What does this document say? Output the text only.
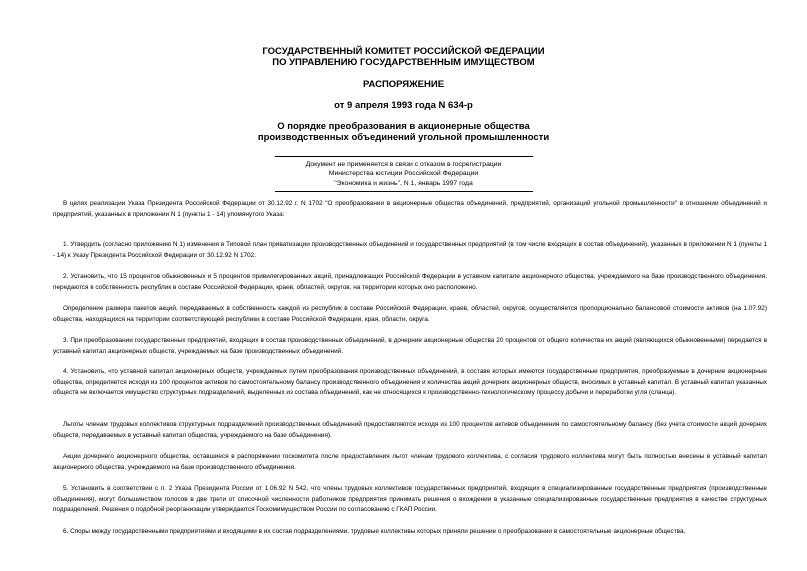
ГОСУДАРСТВЕННЫЙ КОМИТЕТ РОССИЙСКОЙ ФЕДЕРАЦИИ
ПО УПРАВЛЕНИЮ ГОСУДАРСТВЕННЫМ ИМУЩЕСТВОМ
РАСПОРЯЖЕНИЕ
от 9 апреля 1993 года N 634-р
О порядке преобразования в акционерные общества
производственных объединений угольной промышленности
Документ не применяется в связи с отказом в госрегистрации
Министерства юстиции Российской Федерации
"Экономика и жизнь", N 1, январь 1997 года
В целях реализации Указа Президента Российской Федерации от 30.12.92 г. N 1702 "О преобразовании в акционерные общества объединений, предприятий, организаций угольной промышленности" в отношении объединений и предприятий, указанных в приложении N 1 (пункты 1 - 14) упомянутого Указа:
1. Утвердить (согласно приложению N 1) изменения в Типовой план приватизации производственных объединений и государственных предприятий (в том числе входящих в состав объединений), указанных в приложении N 1 (пункты 1 - 14) к Указу Президента Российской Федерации от 30.12.92 N 1702.
2. Установить, что 15 процентов обыкновенных и 5 процентов привилегированных акций, принадлежащих Российской Федерации в уставном капитале акционерного общества, учреждаемого на базе производственного объединения, передаются в собственность республик в составе Российской Федерации, краев, областей, округов, на территории которых оно расположено.
Определение размера пакетов акций, передаваемых в собственность каждой из республик в составе Российской Федерации, краев, областей, округов, осуществляется пропорционально балансовой стоимости активов (на 1.07.92) общества, находящихся на территории соответствующей республики в составе Российской Федерации, края, области, округа.
3. При преобразовании государственных предприятий, входящих в состав производственных объединений, в дочерние акционерные общества 20 процентов от общего количества их акций (являющихся обыкновенными) передается в уставный капитал акционерных обществ, учреждаемых на базе производственных объединений.
4. Установить, что уставной капитал акционерных обществ, учреждаемых путем преобразования производственных объединений, в составе которых имеются государственные предприятия, преобразуемые в дочерние акционерные общества, определяется исходя из 100 процентов активов по самостоятельному балансу производственного объединения и количества акций дочерних акционерных обществ, вносимых в уставный капитал. В уставный капитал указанных обществ не включается имущество структурных подразделений, выделенных из состава объединений, как не относящихся к производственно-технологическому процессу добычи и переработки угля (сланца).
Льготы членам трудовых коллективов структурных подразделений производственных объединений предоставляются исходя из 100 процентов активов объединения по самостоятельному балансу (без учета стоимости акций дочерних обществ, передаваемых в уставный капитал общества, учреждаемого на базе объединения).
Акции дочернего акционерного общества, оставшиеся в распоряжении госкомитета после предоставления льгот членам трудового коллектива, с согласия трудового коллектива могут быть полностью внесены в уставный капитал акционерного общества, учреждаемого на базе производственного объединения.
5. Установить в соответствии с п. 2 Указа Президента России от 1.06.92 N 542, что члены трудовых коллективов государственных предприятий, входящих в специализированные государственные предприятия (производственные объединения), могут большинством голосов в две трети от списочной численности работников предприятия принимать решения о вхождении в указанные специализированные государственные предприятия в качестве структурных подразделений. Решения о подобной реорганизации утверждаются Госкомимуществом России по согласованию с ГКАП России.
6. Споры между государственными предприятиями и входящими в их состав подразделениями, трудовые коллективы которых приняли решение о преобразовании в самостоятельные акционерные общества,
